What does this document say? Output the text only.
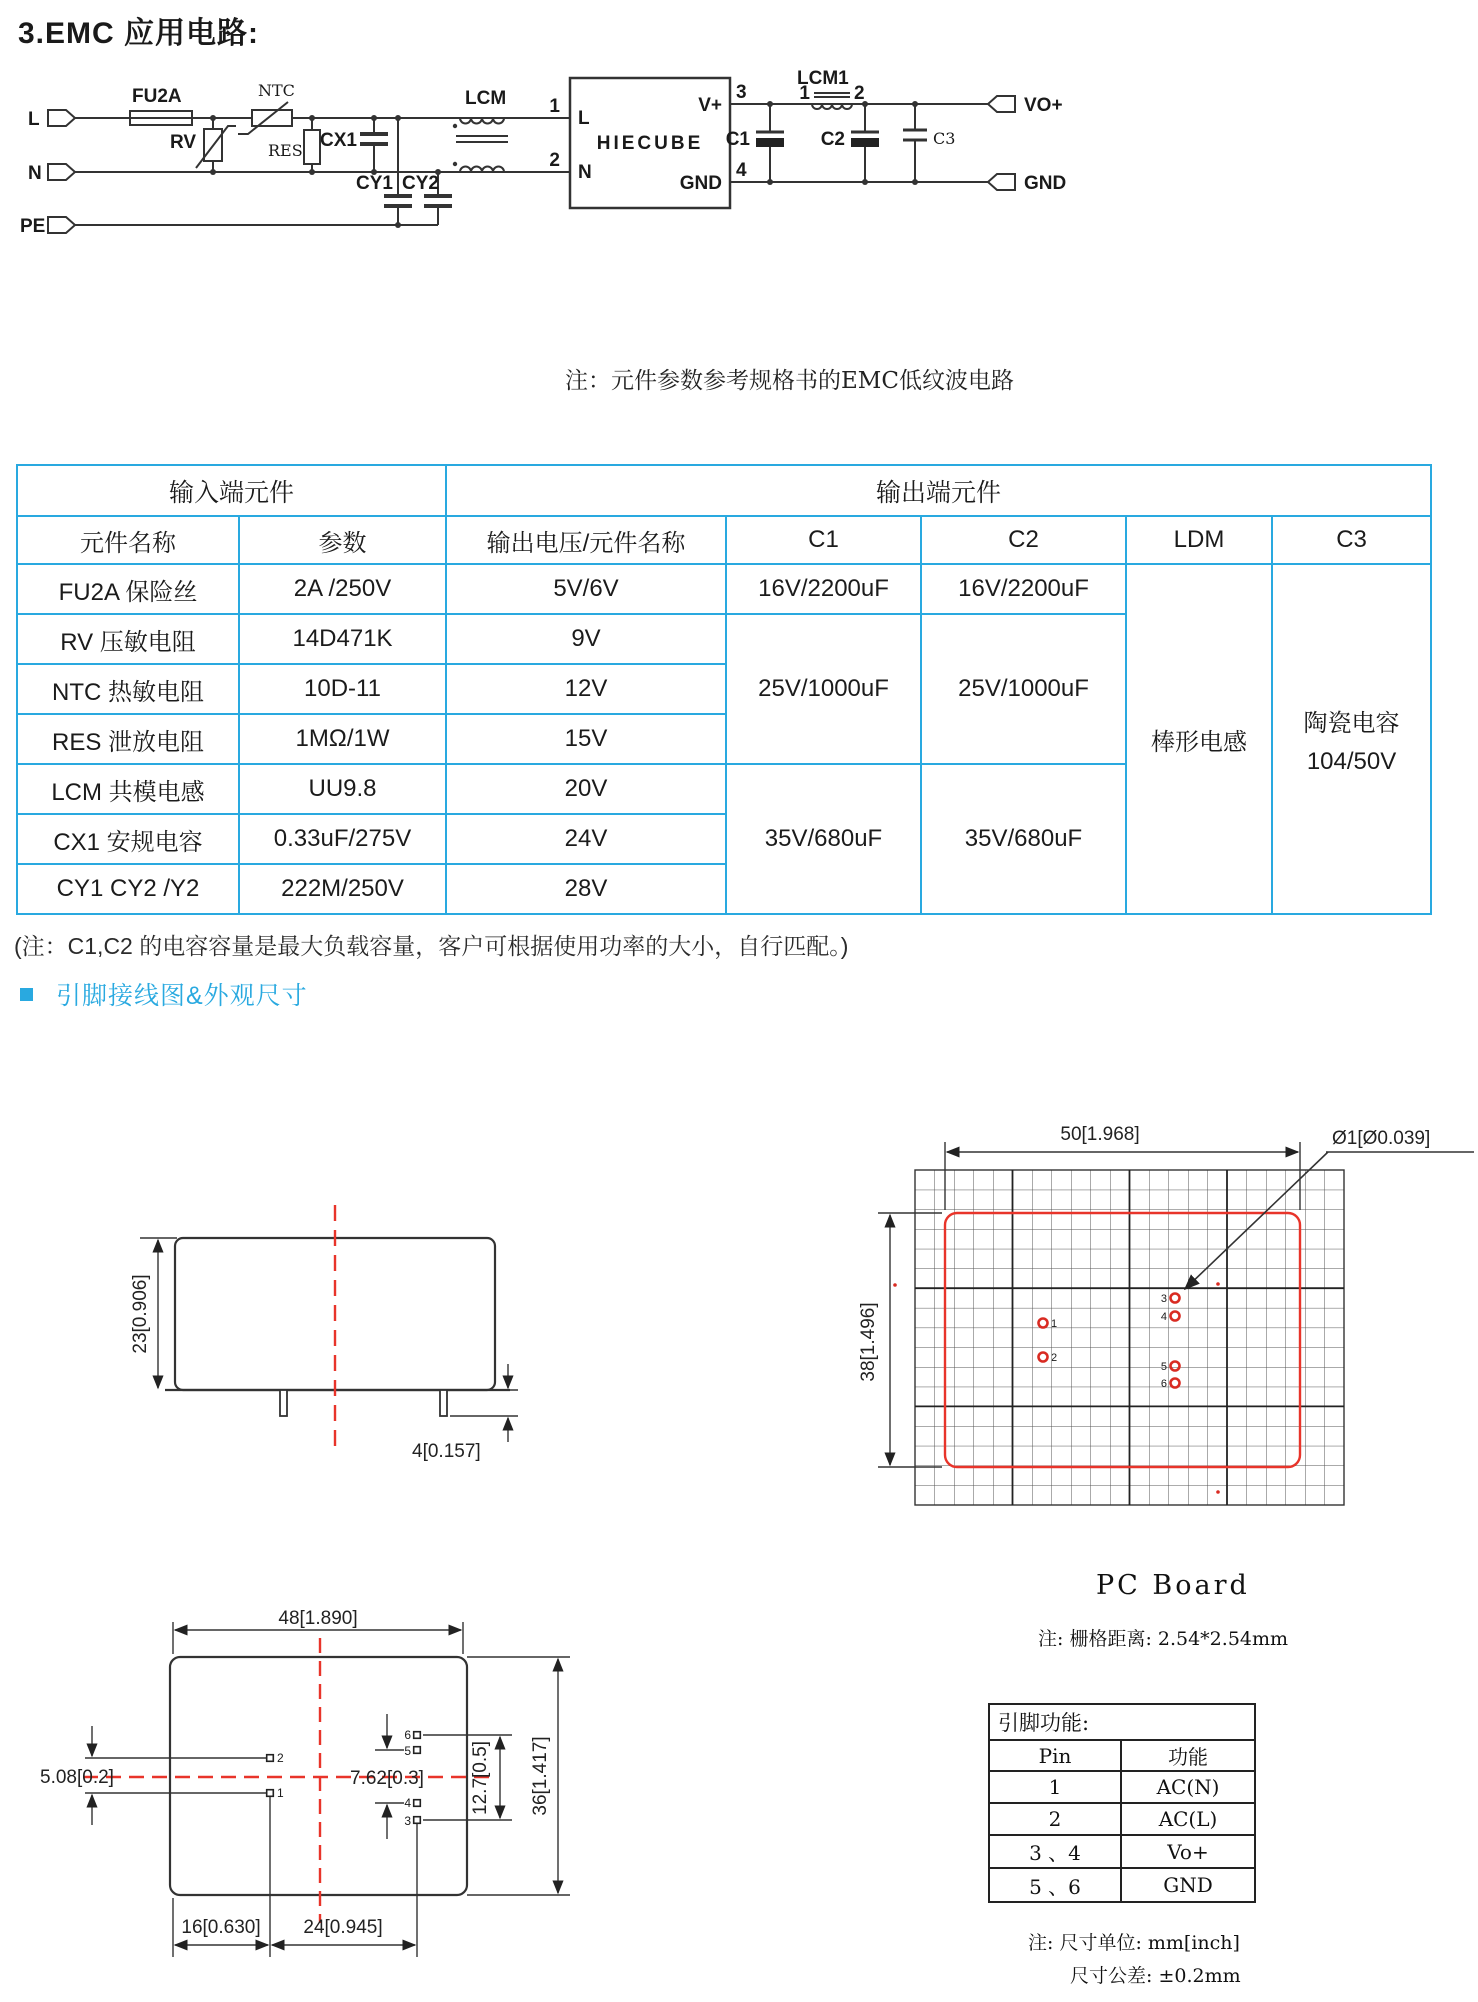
3.EMC 应用电路:
L
N
PE
FU2A	NTC
RV	RES CX1
CY1 CY2
LCM 1
L
2
N
HIECUBE
V+
3
GND
4
LCM1
1 2
C1	C2	C3
VO+
GND
注：元件参数参考规格书的EMC低纹波电路
输入端元件		输出端元件				
元件名称	参数	输出电压/元件名称	C1	C2	LDM	C3
FU2A 保险丝	2A /250V	5V/6V	16V/2200uF	16V/2200uF	棒形电感	陶瓷电容
104/50V

RV 压敏电阻	14D471K	9V	25V/1000uF	25V/1000uF		
NTC 热敏电阻	10D-11	12V				
RES 泄放电阻	1MΩ/1W	15V				
LCM 共模电感	UU9.8	20V	35V/680uF	35V/680uF		
CX1 安规电容	0.33uF/275V	24V				
CY1 CY2 /Y2	222M/250V	28V				
(注：C1,C2 的电容容量是最大负载容量，客户可根据使用功率的大小，自行匹配。)
引脚接线图&外观尺寸
23[0.906]
4[0.157]
50[1.968]
38[1.496]
Ø1[Ø0.039]
1
2
3
4
5
6
PC Board
注: 栅格距离: 2.54*2.54mm
2
1
6
5
4
3
48[1.890]
5.08[0.2]	7.62[0.3] 12.7[0.5] 36[1.417]
16[0.630] 24[0.945]
引脚功能:	
Pin	功能
1	AC(N)
2	AC(L)
3 、4	Vo+
5 、6	GND
注: 尺寸单位: mm[inch]
尺寸公差: ±0.2mm
